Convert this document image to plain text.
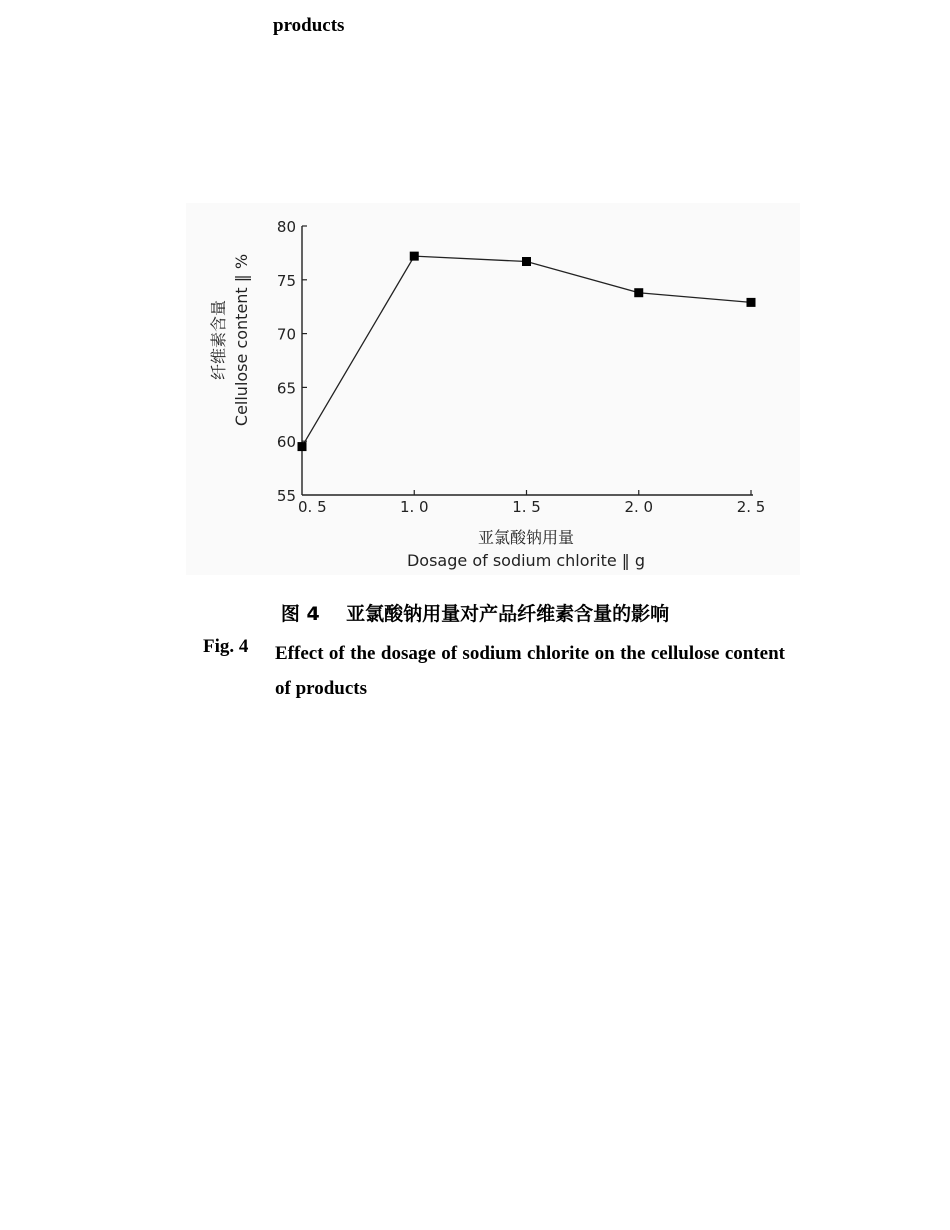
products
55
60
65
70
75
80
0. 5	1. 0	1. 5	2. 0	2. 5
亚氯酸钠用量
Dosage of sodium chlorite ‖ g
纤维素含量 Cellulose content ‖ %
图 4    亚氯酸钠用量对产品纤维素含量的影响
Fig. 4 Effect of the dosage of sodium chlorite on the cellulose content of products
